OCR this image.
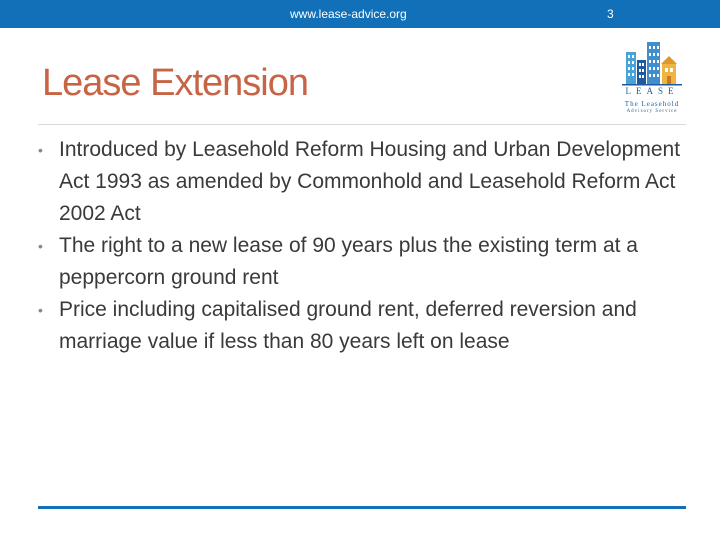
www.lease-advice.org	3
Lease Extension	LEASE
The Leasehold
Advisory Service
• Introduced by Leasehold Reform Housing and Urban Development Act 1993 as amended by Commonhold and Leasehold Reform Act 2002 Act
• The right to a new lease of 90 years plus the existing term at a peppercorn ground rent
• Price including capitalised ground rent, deferred reversion and marriage value if less than 80 years left on lease
